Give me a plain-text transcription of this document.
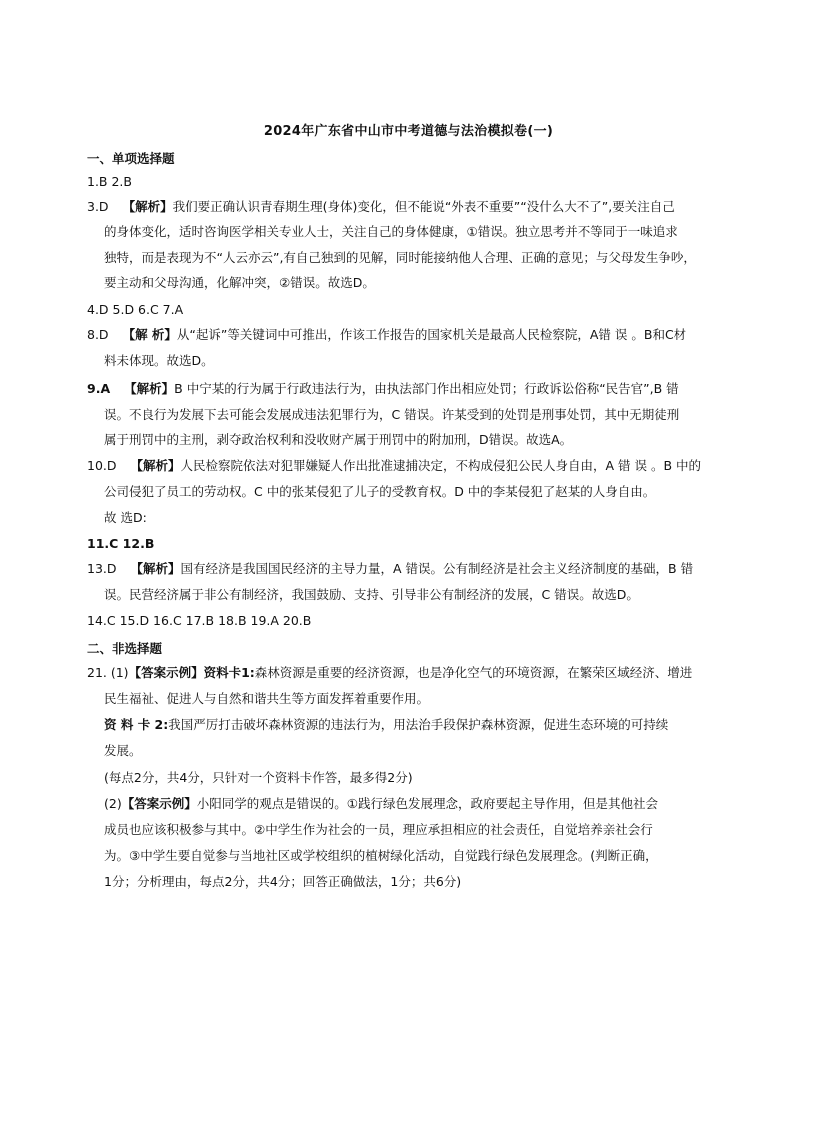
2024年广东省中山市中考道德与法治模拟卷(一)
一、单项选择题
1.B 2.B
3.D 【解析】我们要正确认识青春期生理(身体)变化，但不能说“外表不重要”“没什么大不了”,要关注自己
的身体变化，适时咨询医学相关专业人士，关注自己的身体健康，①错误。独立思考并不等同于一味追求
独特，而是表现为不“人云亦云”,有自己独到的见解，同时能接纳他人合理、正确的意见；与父母发生争吵，
要主动和父母沟通，化解冲突，②错误。故选D。
4.D 5.D 6.C 7.A
8.D 【解 析】从“起诉”等关键词中可推出，作该工作报告的国家机关是最高人民检察院，A错 误 。B和C材
料未体现。故选D。
9.A 【解析】B 中宁某的行为属于行政违法行为，由执法部门作出相应处罚；行政诉讼俗称“民告官”,B 错
误。不良行为发展下去可能会发展成违法犯罪行为，C 错误。许某受到的处罚是刑事处罚，其中无期徒刑
属于刑罚中的主刑，剥夺政治权利和没收财产属于刑罚中的附加刑，D错误。故选A。
10.D 【解析】人民检察院依法对犯罪嫌疑人作出批准逮捕决定，不构成侵犯公民人身自由，A 错 误 。B 中的
公司侵犯了员工的劳动权。C 中的张某侵犯了儿子的受教育权。D 中的李某侵犯了赵某的人身自由。
故 选D:
11.C 12.B
13.D 【解析】国有经济是我国国民经济的主导力量，A 错误。公有制经济是社会主义经济制度的基础，B 错
误。民营经济属于非公有制经济，我国鼓励、支持、引导非公有制经济的发展，C 错误。故选D。
14.C 15.D 16.C 17.B 18.B 19.A 20.B
二、非选择题
21. (1)【答案示例】资料卡1:森林资源是重要的经济资源，也是净化空气的环境资源，在繁荣区域经济、增进
民生福祉、促进人与自然和谐共生等方面发挥着重要作用。
资 料 卡 2:我国严厉打击破坏森林资源的违法行为，用法治手段保护森林资源，促进生态环境的可持续
发展。
(每点2分，共4分，只针对一个资料卡作答，最多得2分)
(2)【答案示例】小阳同学的观点是错误的。①践行绿色发展理念，政府要起主导作用，但是其他社会
成员也应该积极参与其中。②中学生作为社会的一员，理应承担相应的社会责任，自觉培养亲社会行
为。③中学生要自觉参与当地社区或学校组织的植树绿化活动，自觉践行绿色发展理念。(判断正确，
1分；分析理由，每点2分，共4分；回答正确做法，1分；共6分)
